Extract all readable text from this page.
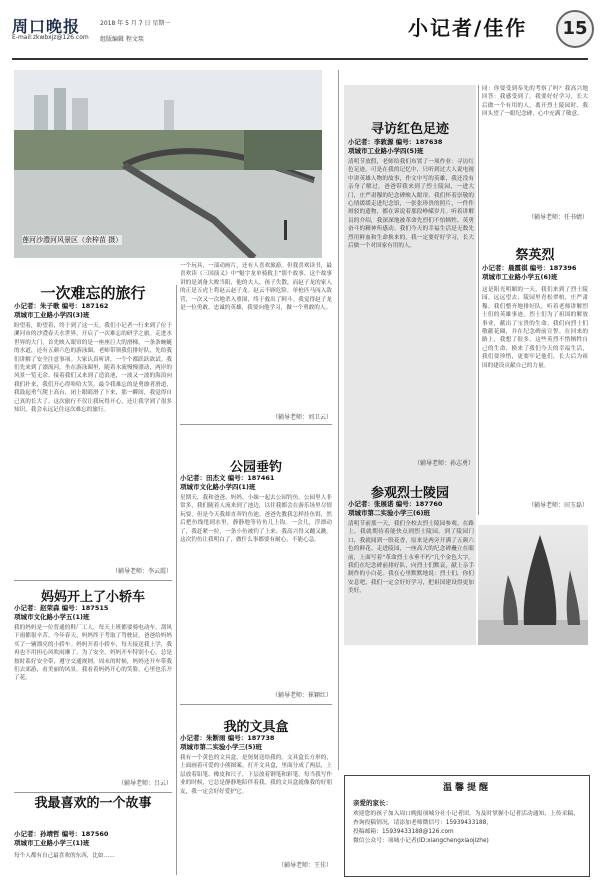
周口晚报	2018 年 5 月 7 日 星期一
E-mail:zkwbxjz@126.com 组版编辑 程文琰	小记者/佳作	15
莲河沙澧河风景区（余梓苗 摄）
一次难忘的旅行
小记者：朱子歌 编号：187162
项城市工业路小学四(3)班
盼望着，盼望着，终于到了这一天。我们小记者一行来到了位于漯河市的沙澧春天水世界，开启了一次难忘的研学之旅。走进水世界的大门，首先映入眼帘的是一座座巨大的滑梯，一条条蜿蜒的水道，还有五颜六色的游泳圈。老师带领我们排好队，先给我们讲解了安全注意事项。大家认真听讲，一个个都跃跃欲试。我们先来到了漂流河，坐在游泳圈里，随着水流慢慢漂动，两岸的风景一览无余。接着我们又来到了造浪池，一波又一波的海浪向我们扑来，我们开心得哈哈大笑。最令我难忘的是勇敢者滑道，我鼓起勇气爬上高台，闭上眼睛滑了下来，那一瞬间，我觉得自己真的长大了。这次旅行不仅让我玩得开心，还让我学到了很多知识，我会永远记住这次难忘的旅行。
（辅导老师：李云霞）
妈妈开上了小轿车
小记者：赵荣森 编号：187515
项城市文化路小学五(1)班
我的妈妈是一位普通的鞋厂工人，每天上班都要骑电动车，刮风下雨都很辛苦。今年春天，妈妈终于考取了驾驶证，爸爸给妈妈买了一辆漂亮的小轿车。妈妈开着小轿车，每天接送我上学，我再也不用担心风吹雨淋了。为了安全，妈妈开车特别小心，总是按时系好安全带，遵守交通规则。周末的时候，妈妈还开车带我们去郊游，看美丽的风景。我看着妈妈开心的笑脸，心里也乐开了花。
（辅导老师：吕云）
我最喜欢的一个故事
小记者：孙靖哲 编号：187560
项城市工业路小学三(1)班
每个人都有自己最喜欢的东西，比如……
一个玩具，一部动画片，还有人喜欢旅游。但我喜欢读书，最喜欢读《三国演义》中“魁字龙单骑救主”那个故事。这个故事讲的是刘备大败当阳，他的夫人、孩子失散，而赵子龙的家人的正是五虎上将赵云赵子龙。赵云不顾危险，单枪匹马闯入敌营，一次又一次地杀入重围，终于救出了阿斗。我觉得赵子龙是一位勇敢、忠诚的英雄，我要向他学习，做一个勇敢的人。
（辅导老师：刘卫云）
公园垂钓
小记者：田杰文 编号：187461
项城市文化路小学四(1)班
星期天，我和爸爸、妈妈、小妹一起去公园钓鱼。公园里人非常多，我们随着人流来到了池边，以往我都会在游乐场里尽情玩耍，但是今天我却直奔钓鱼池。爸爸先教我怎样挂鱼饵，然后把鱼线甩到水里，静静地等待鱼儿上钩。一会儿，浮漂动了，我赶紧一拉，一条小鱼被钓了上来。我高兴得又蹦又跳。这次钓鱼让我明白了，做什么事都要有耐心，不能心急。
（辅导老师：崔颖红）
我的文具盒
小记者：朱断雨 编号：187738
项城市第二实验小学三(5)班
我有一个黄色的文具盒，是舅舅送给我的。文具盒长方形的，上面画着可爱的小熊图案。打开文具盒，里面分成了两层，上层放着铅笔、橡皮和尺子，下层放着钢笔和彩笔。每当我写作业的时候，它总是静静地陪伴着我。我的文具盒就像我的好朋友，我一定会好好爱护它。
（辅导老师：王佳）
寻访红色足迹
小记者：李敦源 编号：187638
项城市工业路小学四(5)班
清明节放假，老师给我们布置了一项作业：寻访红色足迹。可是在我的记忆中，只听到过大人说电视中讲英雄人物的故事，作文中写的英雄，我还没有亲身了解过。爸爸带我来到了烈士陵园，一进大门，庄严肃穆的纪念碑映入眼帘。我们怀着崇敬的心情缓缓走进纪念馆，一张张珍贵的照片，一件件斑驳的遗物，都在诉说着那段峥嵘岁月。听着讲解员的介绍，我深深地被革命先烈们不怕牺牲、英勇奋斗的精神所感动。我们今天的幸福生活是无数先烈用鲜血和生命换来的，我一定要好好学习，长大后做一个对国家有用的人。
（辅导老师：孙志勇）
参观烈士陵园
小记者：张展诺 编号：187760
项城市第二实验小学三(6)班
清明节前那一天，我们全校去烈士陵园参观。在路上，我就期待着能快点到烈士陵园。到了陵园门口，我就闻到一股花香，原来是两旁开满了五颜六色的鲜花。走进陵园，一座高大的纪念碑矗立在眼前，上面写着“革命烈士永垂不朽”几个金色大字。我们在纪念碑前排好队，向烈士们默哀，献上亲手制作的小白花。我在心里默默地说：烈士们，你们安息吧，我们一定会好好学习，把祖国建设得更加美好。
同：你要受到奉先的考察了吗？我高兴地回答：我感受到了。我要好好学习，长大后做一个有用的人。离开烈士陵园时，我回头望了一眼纪念碑，心中充满了敬意。
（辅导老师：任书婧）
祭英烈
小记者：晨霞祺 编号：187396
项城市工业路小学五(6)班
这是阳光明媚的一天，我们来到了烈士陵园。远远望去，陵园里青松翠柏，庄严肃穆。我们整齐地排好队，听着老师讲解烈士们的英雄事迹。烈士们为了祖国的解放事业，献出了宝贵的生命。我们向烈士们敬献花圈，并在纪念碑前宣誓。在回来的路上，我想了很多，这些英烈不惜牺牲自己的生命，换来了我们今天的幸福生活，我们要珍惜，更要牢记他们，长大后为祖国的建设贡献自己的力量。
（辅导老师：田玉磊）
温馨提醒
亲爱的家长：
欢迎您的孩子加入周口晚报项城分社小记者团，为及时掌握小记者活动通知、上传采稿、查询投稿情况，请添加老师微信号：15939433188，
投稿邮箱：15939433188@126.com
微信公众号：项城小记者(ID:xiangchengxiaojizhe)
